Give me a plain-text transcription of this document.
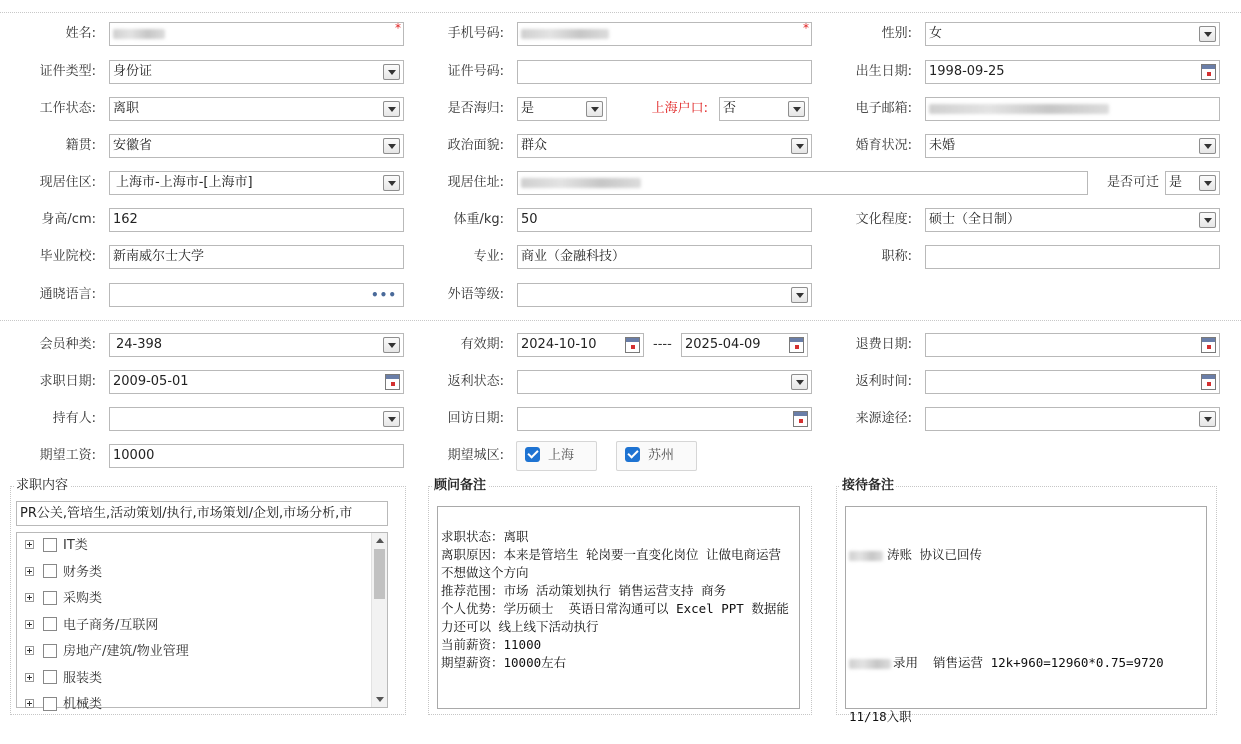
姓名:	*	手机号码:	*	性别:	女
证件类型:	身份证	证件号码:	出生日期:	1998-09-25
工作状态:	离职	是否海归:	是	上海户口:	否	电子邮箱:
籍贯:	安徽省	政治面貌:	群众	婚育状况:	未婚
现居住区:	上海市-上海市-[上海市]	现居住址:	是否可迁 是
身高/cm:	162	体重/kg:	50	文化程度:	硕士（全日制）
毕业院校:	新南威尔士大学	专业:	商业（金融科技）	职称:
通晓语言:	•••	外语等级:
会员种类:	24-398	有效期:	2024-10-10	----	2025-04-09	退费日期:
求职日期:	2009-05-01	返利状态:	返利时间:
持有人:	回访日期:	来源途径:
期望工资:	10000	期望城区:	上海	苏州
求职内容
PR公关,管培生,活动策划/执行,市场策划/企划,市场分析,市
IT类
财务类
采购类
电子商务/互联网
房地产/建筑/物业管理
服装类
机械类
顾问备注
求职状态：离职
离职原因：本来是管培生 轮岗要一直变化岗位 让做电商运营 不想做这个方向
推荐范围：市场 活动策划执行 销售运营支持 商务
个人优势：学历硕士  英语日常沟通可以 Excel PPT 数据能力还可以 线上线下活动执行
当前薪资：11000
期望薪资：10000左右
接待备注

涛账 协议已回传

录用  销售运营 12k+960=12960*0.75=9720

11/18入职
